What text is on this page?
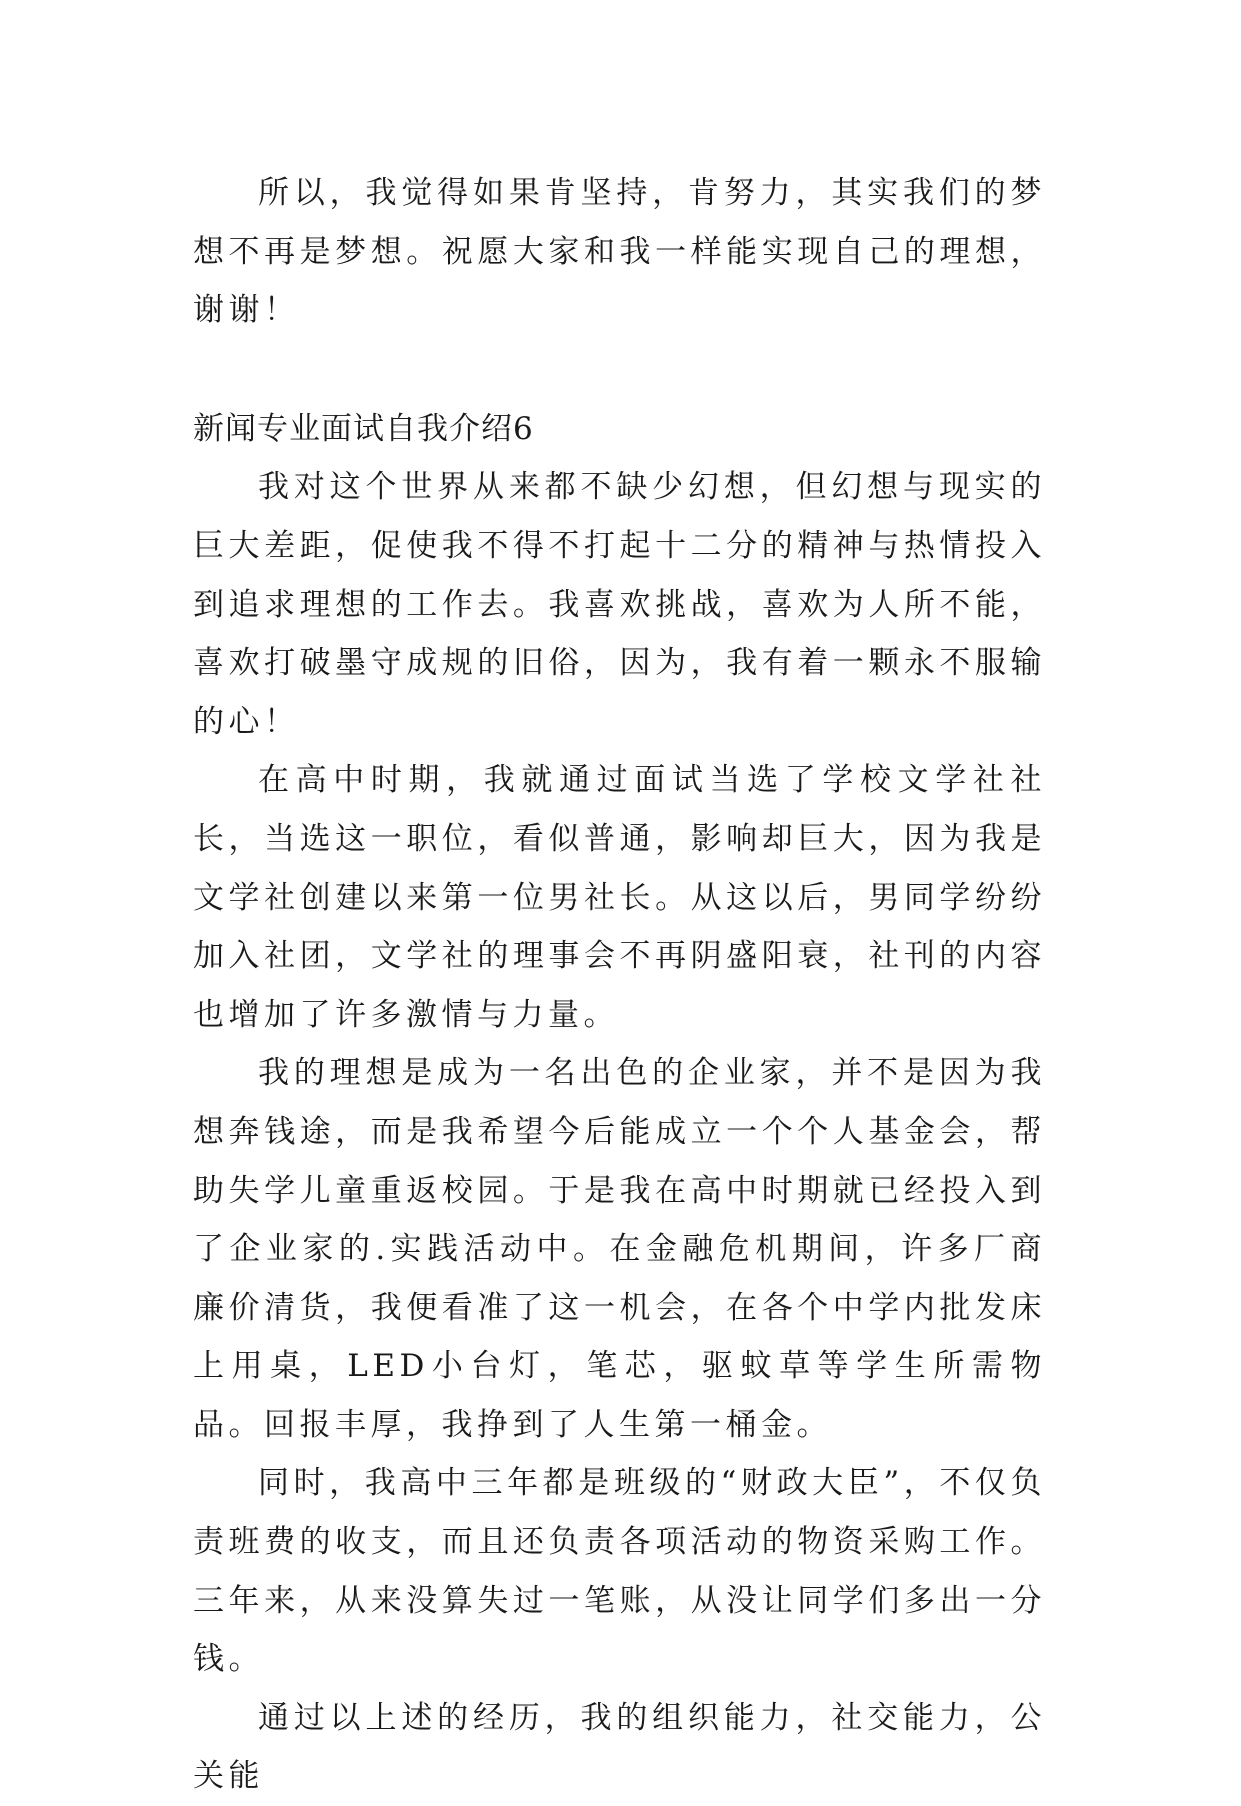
所以，我觉得如果肯坚持，肯努力，其实我们的梦想不再是梦想。祝愿大家和我一样能实现自己的理想，谢谢！

新闻专业面试自我介绍6

我对这个世界从来都不缺少幻想，但幻想与现实的巨大差距，促使我不得不打起十二分的精神与热情投入到追求理想的工作去。我喜欢挑战，喜欢为人所不能，喜欢打破墨守成规的旧俗，因为，我有着一颗永不服输的心！

在高中时期，我就通过面试当选了学校文学社社长，当选这一职位，看似普通，影响却巨大，因为我是文学社创建以来第一位男社长。从这以后，男同学纷纷加入社团，文学社的理事会不再阴盛阳衰，社刊的内容也增加了许多激情与力量。

我的理想是成为一名出色的企业家，并不是因为我想奔钱途，而是我希望今后能成立一个个人基金会，帮助失学儿童重返校园。于是我在高中时期就已经投入到了企业家的.实践活动中。在金融危机期间，许多厂商廉价清货，我便看准了这一机会，在各个中学内批发床上用桌，LED小台灯，笔芯，驱蚊草等学生所需物品。回报丰厚，我挣到了人生第一桶金。

同时，我高中三年都是班级的“财政大臣”，不仅负责班费的收支，而且还负责各项活动的物资采购工作。三年来，从来没算失过一笔账，从没让同学们多出一分钱。

通过以上述的经历，我的组织能力，社交能力，公关能
